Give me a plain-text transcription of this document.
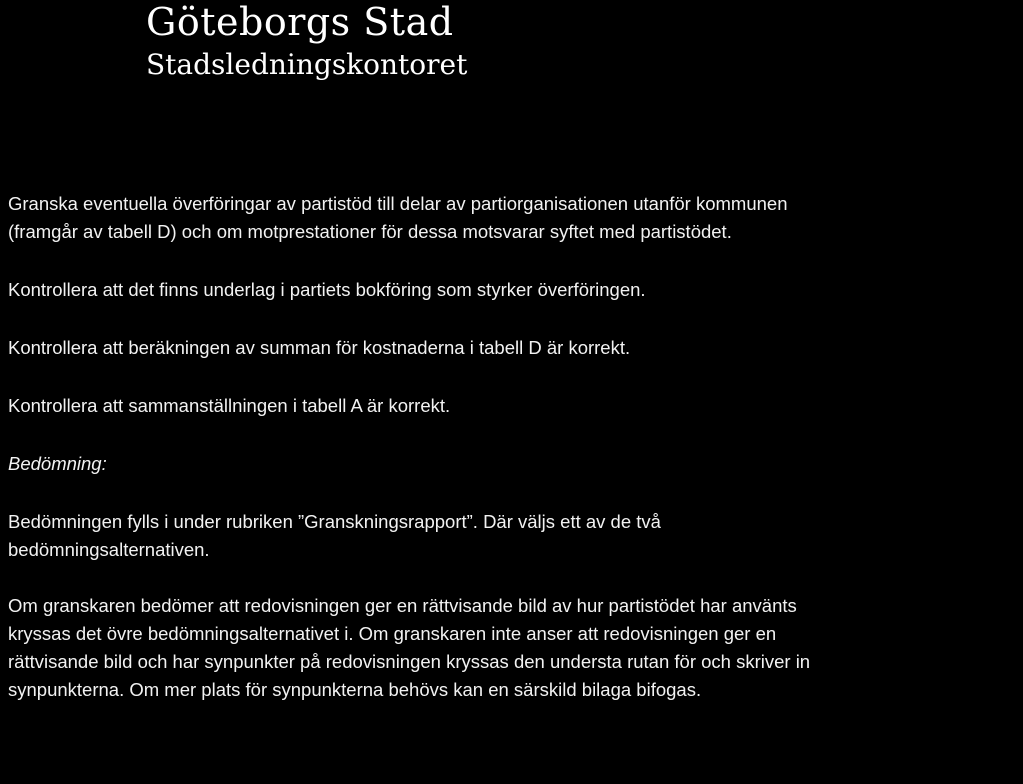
Göteborgs Stad

Stadsledningskontoret

Granska eventuella överföringar av partistöd till delar av partiorganisationen utanför kommunen
(framgår av tabell D) och om motprestationer för dessa motsvarar syftet med partistödet.

Kontrollera att det finns underlag i partiets bokföring som styrker överföringen.

Kontrollera att beräkningen av summan för kostnaderna i tabell D är korrekt.

Kontrollera att sammanställningen i tabell A är korrekt.

Bedömning:

Bedömningen fylls i under rubriken ”Granskningsrapport”. Där väljs ett av de två
bedömningsalternativen.

Om granskaren bedömer att redovisningen ger en rättvisande bild av hur partistödet har använts
kryssas det övre bedömningsalternativet i. Om granskaren inte anser att redovisningen ger en
rättvisande bild och har synpunkter på redovisningen kryssas den understa rutan för och skriver in
synpunkterna. Om mer plats för synpunkterna behövs kan en särskild bilaga bifogas.
